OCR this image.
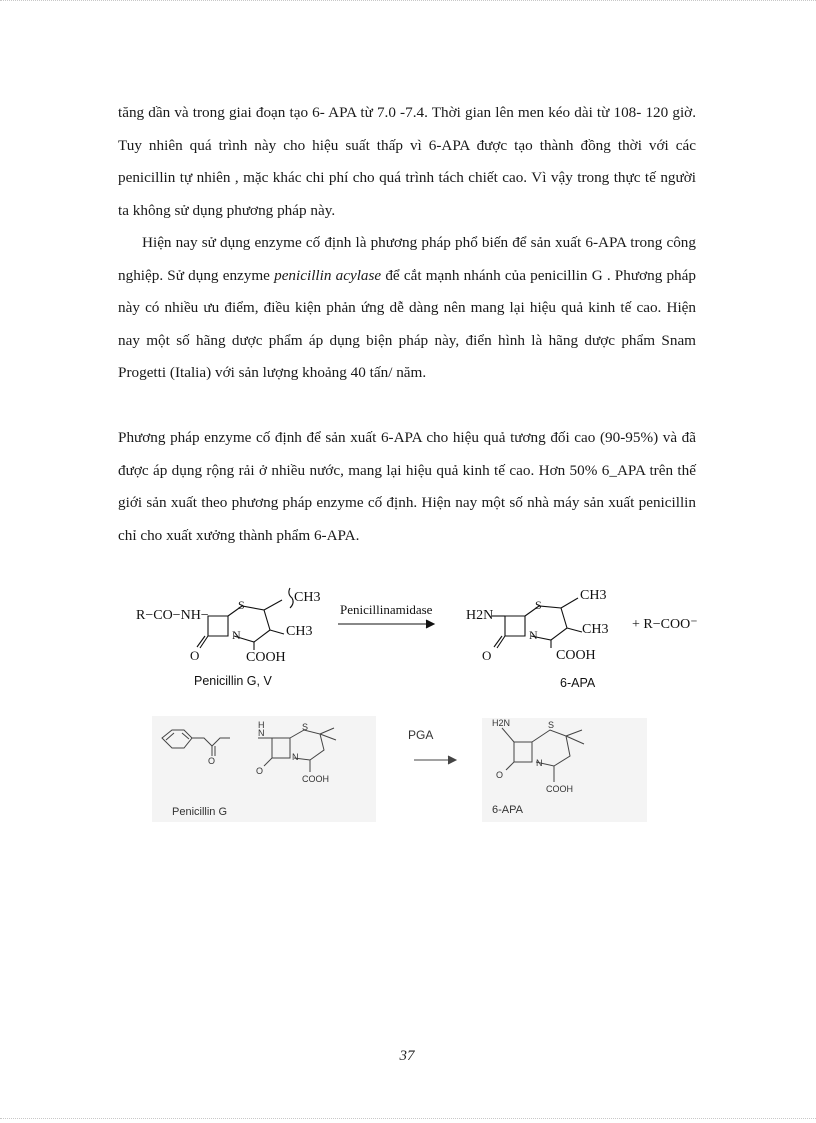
tăng dần và trong giai đoạn tạo 6- APA từ 7.0 -7.4. Thời gian lên men kéo dài từ 108- 120 giờ. Tuy nhiên quá trình này cho hiệu suất thấp vì 6-APA được tạo thành đồng thời với các penicillin tự nhiên , mặc khác chi phí cho quá trình tách chiết cao. Vì vậy trong thực tế người ta không sử dụng phương pháp này.

Hiện nay sử dụng enzyme cố định là phương pháp phổ biến để sản xuất 6-APA trong công nghiệp. Sử dụng enzyme penicillin acylase để cắt mạnh nhánh của penicillin G . Phương pháp này có nhiều ưu điểm, điều kiện phản ứng dễ dàng nên mang lại hiệu quả kinh tế cao. Hiện nay một số hãng dược phẩm áp dụng biện pháp này, điển hình là hãng dược phẩm Snam Progetti (Italia) với sản lượng khoảng 40 tấn/ năm.

Phương pháp enzyme cố định để sản xuất 6-APA cho hiệu quả tương đối cao (90-95%) và đã được áp dụng rộng rải ở nhiều nước, mang lại hiệu quả kinh tế cao. Hơn 50% 6_APA trên thế giới sản xuất theo phương pháp enzyme cố định. Hiện nay một số nhà máy sản xuất penicillin chỉ cho xuất xưởng thành phẩm 6-APA.

R−CO−NH−
S
N
O
CH3
CH3
COOH
Penicillinamidase H2N
S
N
O
CH3
CH3
COOH
+ R−COO⁻
Penicillin G, V	6-APA
H
N
S
N
O
O
COOH
Penicillin G
PGA
H2N	S
N
O
COOH
6-APA
37
